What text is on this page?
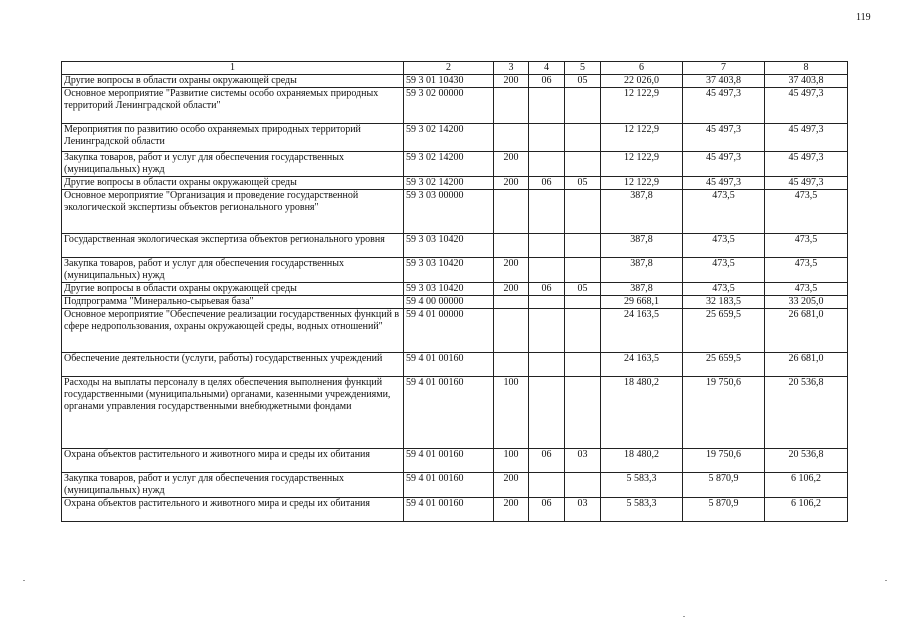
119
1	2	3	4	5	6	7	8
Другие вопросы в области охраны окружающей среды	59 3 01 10430	200	06	05	22 026,0	37 403,8	37 403,8
Основное мероприятие "Развитие системы особо охраняемых природных территорий Ленинградской области"	59 3 02 00000				12 122,9	45 497,3	45 497,3
Мероприятия по развитию особо охраняемых природных территорий Ленинградской области	59 3 02 14200				12 122,9	45 497,3	45 497,3
Закупка товаров, работ и услуг для обеспечения государственных (муниципальных) нужд	59 3 02 14200	200			12 122,9	45 497,3	45 497,3
Другие вопросы в области охраны окружающей среды	59 3 02 14200	200	06	05	12 122,9	45 497,3	45 497,3
Основное мероприятие "Организация и проведение государственной экологической экспертизы объектов регионального уровня"	59 3 03 00000				387,8	473,5	473,5
Государственная экологическая экспертиза объектов регионального уровня	59 3 03 10420				387,8	473,5	473,5
Закупка товаров, работ и услуг для обеспечения государственных (муниципальных) нужд	59 3 03 10420	200			387,8	473,5	473,5
Другие вопросы в области охраны окружающей среды	59 3 03 10420	200	06	05	387,8	473,5	473,5
Подпрограмма "Минерально-сырьевая база"	59 4 00 00000				29 668,1	32 183,5	33 205,0
Основное мероприятие "Обеспечение реализации государственных функций в сфере недропользования, охраны окружающей среды, водных отношений"	59 4 01 00000				24 163,5	25 659,5	26 681,0
Обеспечение деятельности (услуги, работы) государственных учреждений	59 4 01 00160				24 163,5	25 659,5	26 681,0
Расходы на выплаты персоналу в целях обеспечения выполнения функций государственными (муниципальными) органами, казенными учреждениями, органами управления государственными внебюджетными фондами	59 4 01 00160	100			18 480,2	19 750,6	20 536,8
Охрана объектов растительного и животного мира и среды их обитания	59 4 01 00160	100	06	03	18 480,2	19 750,6	20 536,8
Закупка товаров, работ и услуг для обеспечения государственных (муниципальных) нужд	59 4 01 00160	200			5 583,3	5 870,9	6 106,2
Охрана объектов растительного и животного мира и среды их обитания	59 4 01 00160	200	06	03	5 583,3	5 870,9	6 106,2
